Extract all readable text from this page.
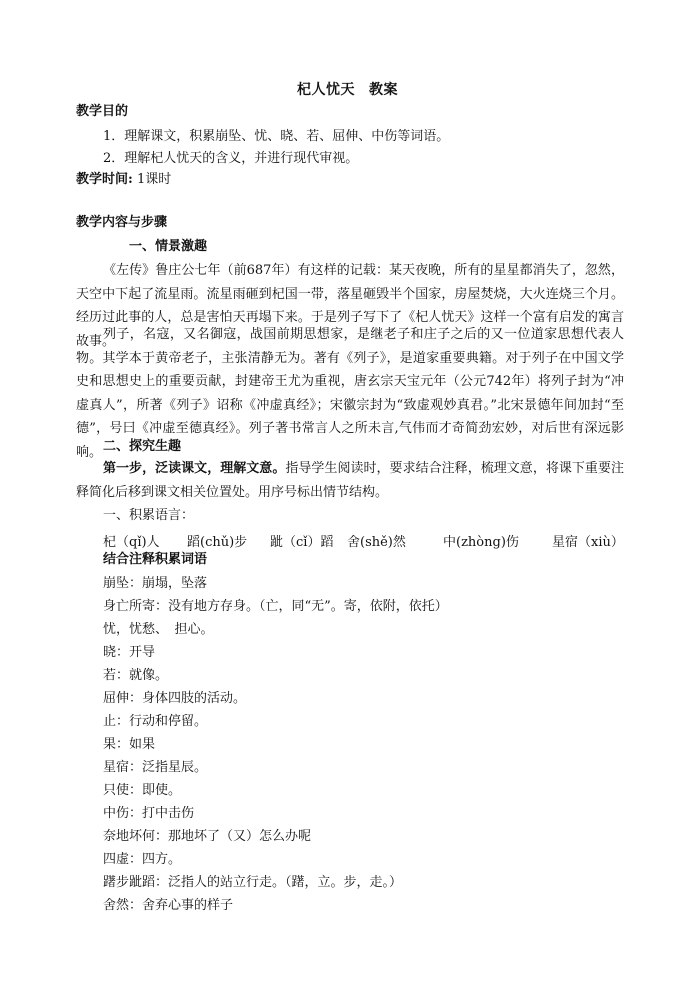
杞人忧天 教案
教学目的
1．理解课文，积累崩坠、忧、晓、若、屈伸、中伤等词语。
2．理解杞人忧天的含义，并进行现代审视。
教学时间: 1课时
教学内容与步骤
一、情景激趣
《左传》鲁庄公七年（前687年）有这样的记载：某天夜晚，所有的星星都消失了，忽然，天空中下起了流星雨。流星雨砸到杞国一带，落星砸毁半个国家，房屋焚烧，大火连烧三个月。经历过此事的人，总是害怕天再塌下来。于是列子写下了《杞人忧天》这样一个富有启发的寓言故事。
列子，名寇，又名御寇，战国前期思想家，是继老子和庄子之后的又一位道家思想代表人物。其学本于黄帝老子，主张清静无为。著有《列子》，是道家重要典籍。对于列子在中国文学史和思想史上的重要贡献，封建帝王尤为重视，唐玄宗天宝元年（公元742年）将列子封为“冲虚真人”，所著《列子》诏称《冲虚真经》；宋徽宗封为“致虚观妙真君。”北宋景德年间加封“至德”，号曰《冲虚至德真经》。列子著书常言人之所未言,气伟而才奇简劲宏妙，对后世有深远影响。 二、探究生趣
第一步，泛读课文，理解文意。指导学生阅读时，要求结合注释，梳理文意，将课下重要注释简化后移到课文相关位置处。用序号标出情节结构。
一、积累语言：
杞（qǐ)人 蹈(chǔ)步 跐（cǐ）蹈 舍(shě)然	中(zhòng)伤	星宿（xiù）
结合注释积累词语
崩坠：崩塌，坠落
身亡所寄：没有地方存身。（亡，同“无”。寄，依附，依托）
忧，忧愁、　担心。
晓：开导
若：就像。
屈伸：身体四肢的活动。
止：行动和停留。
果：如果
星宿：泛指星辰。
只使：即使。
中伤：打中击伤
奈地坏何：那地坏了（又）怎么办呢
四虚：四方。
躇步跐蹈：泛指人的站立行走。（躇，立。步，走。）
舍然：舍弃心事的样子
